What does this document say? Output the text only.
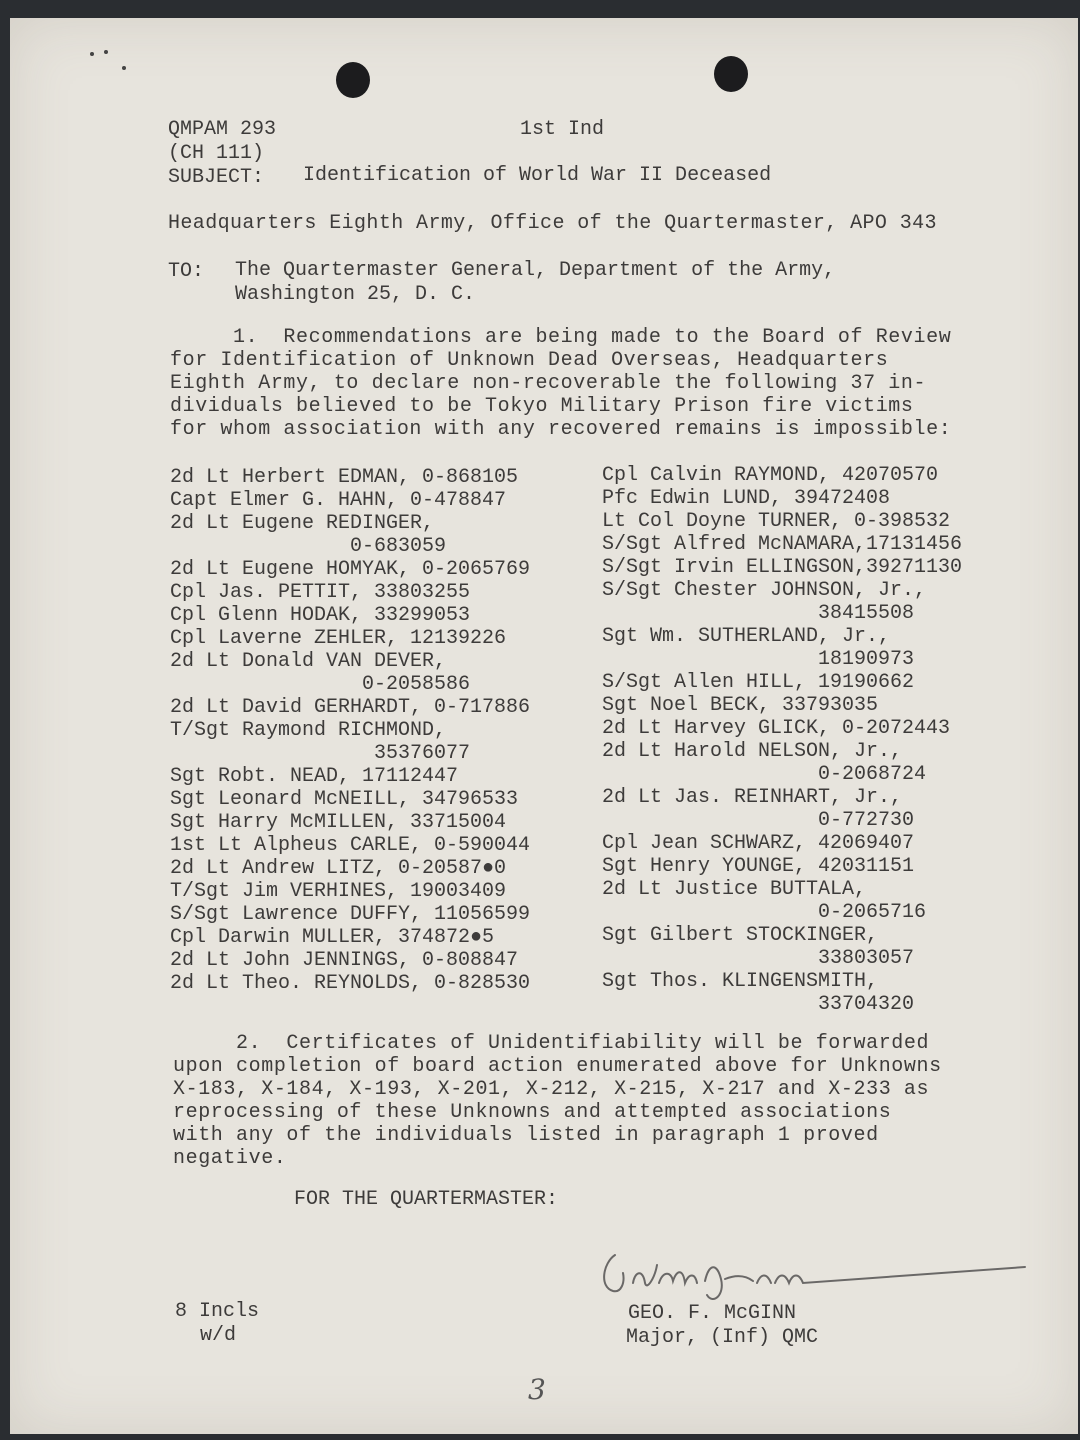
QMPAM 293	1st Ind
(CH 111)
SUBJECT: Identification of World War II Deceased
Headquarters Eighth Army, Office of the Quartermaster, APO 343
TO: The Quartermaster General, Department of the Army,
Washington 25, D. C.
1.  Recommendations are being made to the Board of Review
for Identification of Unknown Dead Overseas, Headquarters
Eighth Army, to declare non-recoverable the following 37 in-
dividuals believed to be Tokyo Military Prison fire victims
for whom association with any recovered remains is impossible:
2d Lt Herbert EDMAN, 0-868105
Capt Elmer G. HAHN, 0-478847
2d Lt Eugene REDINGER,
0-683059
2d Lt Eugene HOMYAK, 0-2065769
Cpl Jas. PETTIT, 33803255
Cpl Glenn HODAK, 33299053
Cpl Laverne ZEHLER, 12139226
2d Lt Donald VAN DEVER,
0-2058586
2d Lt David GERHARDT, 0-717886
T/Sgt Raymond RICHMOND,
35376077
Sgt Robt. NEAD, 17112447
Sgt Leonard McNEILL, 34796533
Sgt Harry McMILLEN, 33715004
1st Lt Alpheus CARLE, 0-590044
2d Lt Andrew LITZ, 0-20587●0
T/Sgt Jim VERHINES, 19003409
S/Sgt Lawrence DUFFY, 11056599
Cpl Darwin MULLER, 374872●5
2d Lt John JENNINGS, 0-808847
2d Lt Theo. REYNOLDS, 0-828530
Cpl Calvin RAYMOND, 42070570
Pfc Edwin LUND, 39472408
Lt Col Doyne TURNER, 0-398532
S/Sgt Alfred McNAMARA,17131456
S/Sgt Irvin ELLINGSON,39271130
S/Sgt Chester JOHNSON, Jr.,
38415508
Sgt Wm. SUTHERLAND, Jr.,
18190973
S/Sgt Allen HILL, 19190662
Sgt Noel BECK, 33793035
2d Lt Harvey GLICK, 0-2072443
2d Lt Harold NELSON, Jr.,
0-2068724
2d Lt Jas. REINHART, Jr.,
0-772730
Cpl Jean SCHWARZ, 42069407
Sgt Henry YOUNGE, 42031151
2d Lt Justice BUTTALA,
0-2065716
Sgt Gilbert STOCKINGER,
33803057
Sgt Thos. KLINGENSMITH,
33704320
2.  Certificates of Unidentifiability will be forwarded
upon completion of board action enumerated above for Unknowns
X-183, X-184, X-193, X-201, X-212, X-215, X-217 and X-233 as
reprocessing of these Unknowns and attempted associations
with any of the individuals listed in paragraph 1 proved
negative.
FOR THE QUARTERMASTER:
8 Incls
w/d
GEO. F. McGINN
Major, (Inf) QMC
3
